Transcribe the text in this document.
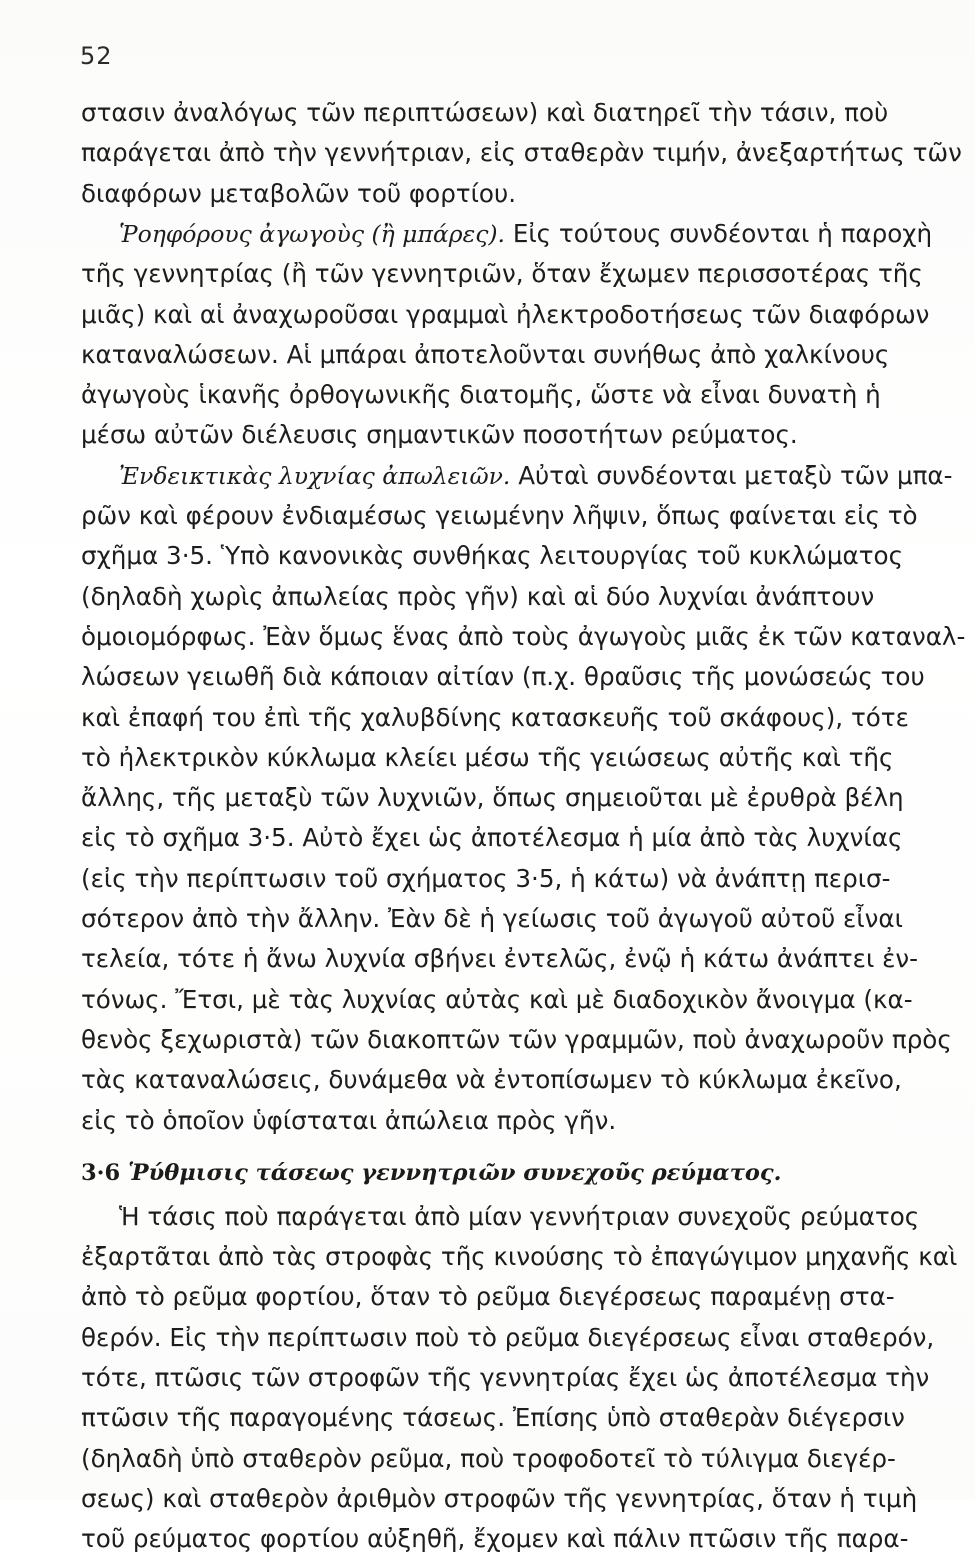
52
στασιν ἀναλόγως τῶν περιπτώσεων) καὶ διατηρεῖ τὴν τάσιν, ποὺ
παράγεται ἀπὸ τὴν γεννήτριαν, εἰς σταθερὰν τιμήν, ἀνεξαρτήτως τῶν
διαφόρων μεταβολῶν τοῦ φορτίου.
Ῥοηφόρους ἀγωγοὺς (ἢ μπάρες). Εἰς τούτους συνδέονται ἡ παροχὴ
τῆς γεννητρίας (ἢ τῶν γεννητριῶν, ὅταν ἔχωμεν περισσοτέρας τῆς
μιᾶς) καὶ αἱ ἀναχωροῦσαι γραμμαὶ ἠλεκτροδοτήσεως τῶν διαφόρων
καταναλώσεων. Αἱ μπάραι ἀποτελοῦνται συνήθως ἀπὸ χαλκίνους
ἀγωγοὺς ἱκανῆς ὀρθογωνικῆς διατομῆς, ὥστε νὰ εἶναι δυνατὴ ἡ
μέσω αὐτῶν διέλευσις σημαντικῶν ποσοτήτων ρεύματος.
Ἐνδεικτικὰς λυχνίας ἀπωλειῶν. Αὐταὶ συνδέονται μεταξὺ τῶν μπα-
ρῶν καὶ φέρουν ἐνδιαμέσως γειωμένην λῆψιν, ὅπως φαίνεται εἰς τὸ
σχῆμα 3·5. Ὑπὸ κανονικὰς συνθήκας λειτουργίας τοῦ κυκλώματος
(δηλαδὴ χωρὶς ἀπωλείας πρὸς γῆν) καὶ αἱ δύο λυχνίαι ἀνάπτουν
ὁμοιομόρφως. Ἐὰν ὅμως ἕνας ἀπὸ τοὺς ἀγωγοὺς μιᾶς ἐκ τῶν καταναλ-
λώσεων γειωθῆ διὰ κάποιαν αἰτίαν (π.χ. θραῦσις τῆς μονώσεώς του
καὶ ἐπαφή του ἐπὶ τῆς χαλυβδίνης κατασκευῆς τοῦ σκάφους), τότε
τὸ ἠλεκτρικὸν κύκλωμα κλείει μέσω τῆς γειώσεως αὐτῆς καὶ τῆς
ἄλλης, τῆς μεταξὺ τῶν λυχνιῶν, ὅπως σημειοῦται μὲ ἐρυθρὰ βέλη
εἰς τὸ σχῆμα 3·5. Αὐτὸ ἔχει ὡς ἀποτέλεσμα ἡ μία ἀπὸ τὰς λυχνίας
(εἰς τὴν περίπτωσιν τοῦ σχήματος 3·5, ἡ κάτω) νὰ ἀνάπτῃ περισ-
σότερον ἀπὸ τὴν ἄλλην. Ἐὰν δὲ ἡ γείωσις τοῦ ἀγωγοῦ αὐτοῦ εἶναι
τελεία, τότε ἡ ἄνω λυχνία σβήνει ἐντελῶς, ἐνῷ ἡ κάτω ἀνάπτει ἐν-
τόνως. Ἔτσι, μὲ τὰς λυχνίας αὐτὰς καὶ μὲ διαδοχικὸν ἄνοιγμα (κα-
3·6 Ῥύθμισις τάσεως γεννητριῶν συνεχοῦς ρεύματος.
Ἡ τάσις ποὺ παράγεται ἀπὸ μίαν γεννήτριαν συνεχοῦς ρεύματος
ἐξαρτᾶται ἀπὸ τὰς στροφὰς τῆς κινούσης τὸ ἐπαγώγιμον μηχανῆς καὶ
ἀπὸ τὸ ρεῦμα φορτίου, ὅταν τὸ ρεῦμα διεγέρσεως παραμένῃ στα-
θερόν. Εἰς τὴν περίπτωσιν ποὺ τὸ ρεῦμα διεγέρσεως εἶναι σταθερόν,
τότε, πτῶσις τῶν στροφῶν τῆς γεννητρίας ἔχει ὡς ἀποτέλεσμα τὴν
πτῶσιν τῆς παραγομένης τάσεως. Ἐπίσης ὑπὸ σταθερὰν διέγερσιν
(δηλαδὴ ὑπὸ σταθερὸν ρεῦμα, ποὺ τροφοδοτεῖ τὸ τύλιγμα διεγέρ-
σεως) καὶ σταθερὸν ἀριθμὸν στροφῶν τῆς γεννητρίας, ὅταν ἡ τιμὴ
τοῦ ρεύματος φορτίου αὐξηθῆ, ἔχομεν καὶ πάλιν πτῶσιν τῆς παρα-
θενὸς ξεχωριστὰ) τῶν διακοπτῶν τῶν γραμμῶν, ποὺ ἀναχωροῦν πρὸς
τὰς καταναλώσεις, δυνάμεθα νὰ ἐντοπίσωμεν τὸ κύκλωμα ἐκεῖνο,
εἰς τὸ ὁποῖον ὑφίσταται ἀπώλεια πρὸς γῆν.
